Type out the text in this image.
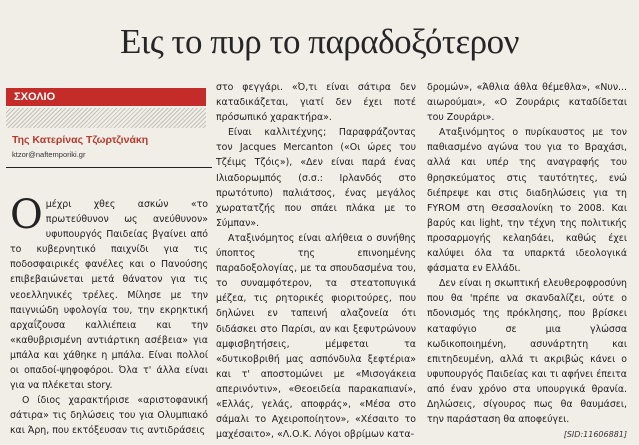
Εις το πυρ το παραδοξότερον
ΣΧΟΛΙΟ
Της Κατερίνας Τζωρτζινάκη
ktzor@naftemporiki.gr
Ο μέχρι χθες ασκών «το πρωτεύθυνον ως ανεύθυνον» υφυπουργός Παιδείας βγαίνει από το κυβερνητικό παιχνίδι για τις ποδοσφαιρικές φανέλες και ο Πανούσης επιβεβαιώνεται μετά θάνατον για τις νεοελληνικές τρέλες. Μίλησε με την παιγνιώδη υφολογία του, την εκρηκτική αρχαΐζουσα καλλιέπεια και την «καθυβρισμένη αντιάρτικη ασέβεια» για μπάλα και χάθηκε η μπάλα. Είναι πολλοί οι οπαδοί-ψηφοφόροι. Όλα τ' άλλα είναι για να πλέκεται story.

Ο ίδιος χαρακτήρισε «αριστοφανική σάτιρα» τις δηλώσεις του για Ολυμπιακό και Άρη, που εκτόξευσαν τις αντιδράσεις

στο φεγγάρι. «Ό,τι είναι σάτιρα δεν καταδικάζεται, γιατί δεν έχει ποτέ πρόσωπικό χαρακτήρα».

Είναι καλλιτέχνης; Παραφράζοντας τον Jacques Mercanton («Οι ώρες του Τζέιμς Τζόις»), «Δεν είναι παρά ένας Ιλιαδορωμπός (σ.σ.: Ιρλανδός στο πρωτότυπο) παλιάτσος, ένας μεγάλος χωρατατζής που σπάει πλάκα με το Σύμπαν».

Αταξινόμητος είναι αλήθεια ο συνήθης ύποπτος της επινοημένης παραδοξολογίας, με τα σπουδασμένα του, το συναμφότερον, τα στεατοπυγικά μέζεα, τις ρητορικές φιοριτούρες, που δηλώνει εν ταπεινή αλαζονεία ότι διδάσκει στο Παρίσι, αν και ξεφυτρώνουν αμφισβητήσεις, μέμφεται τα «δυτικοβριθή μας ασπόνδυλα ξεφτέρια» και τ' αποστομώνει με «Μισογάκεια απερινόντιν», «Θεοειδεία παρακαπιανί», «Ελλάς, γελάς, αποφράς», «Μέσα στο σάμαλι το Αχειροποίητον», «Χέσαιτο το μαχέσαιτο», «Λ.Ο.Κ. Λόγοι οβρίμων κατα-

δρομών», «Άθλια άθλα θέμεθλα», «Νυν... αιωρούμαι», «Ο Ζουράρις καταδίδεται του Ζουράρι».

Αταξινόμητος ο πυρίκαυστος με τον παθιασμένο αγώνα του για το Βραχάσι, αλλά και υπέρ της αναγραφής του θρησκεύματος στις ταυτότητες, ενώ διέπρεψε και στις διαδηλώσεις για τη FYROM στη Θεσσαλονίκη το 2008. Και βαρύς και light, την τέχνη της πολιτικής προσαρμογής κελαηδάει, καθώς έχει καλύψει όλα τα υπαρκτά ιδεολογικά φάσματα εν Ελλάδι.

Δεν είναι η σκωπτική ελευθεροφροσύνη που θα 'πρέπε να σκανδαλίζει, ούτε ο πδονισμός της πρόκλησης, που βρίσκει καταφύγιο σε μια γλώσσα κωδικοποιημένη, ασυνάρτητη και επιτηδευμένη, αλλά τι ακριβώς κάνει ο υφυπουργός Παιδείας και τι αφήνει έπειτα από έναν χρόνο στα υπουργικά θρανία. Δηλώσεις, σίγουρος πως θα θαυμάσει, την παράσταση θα αποφεύγει.

[SID:11606881]
